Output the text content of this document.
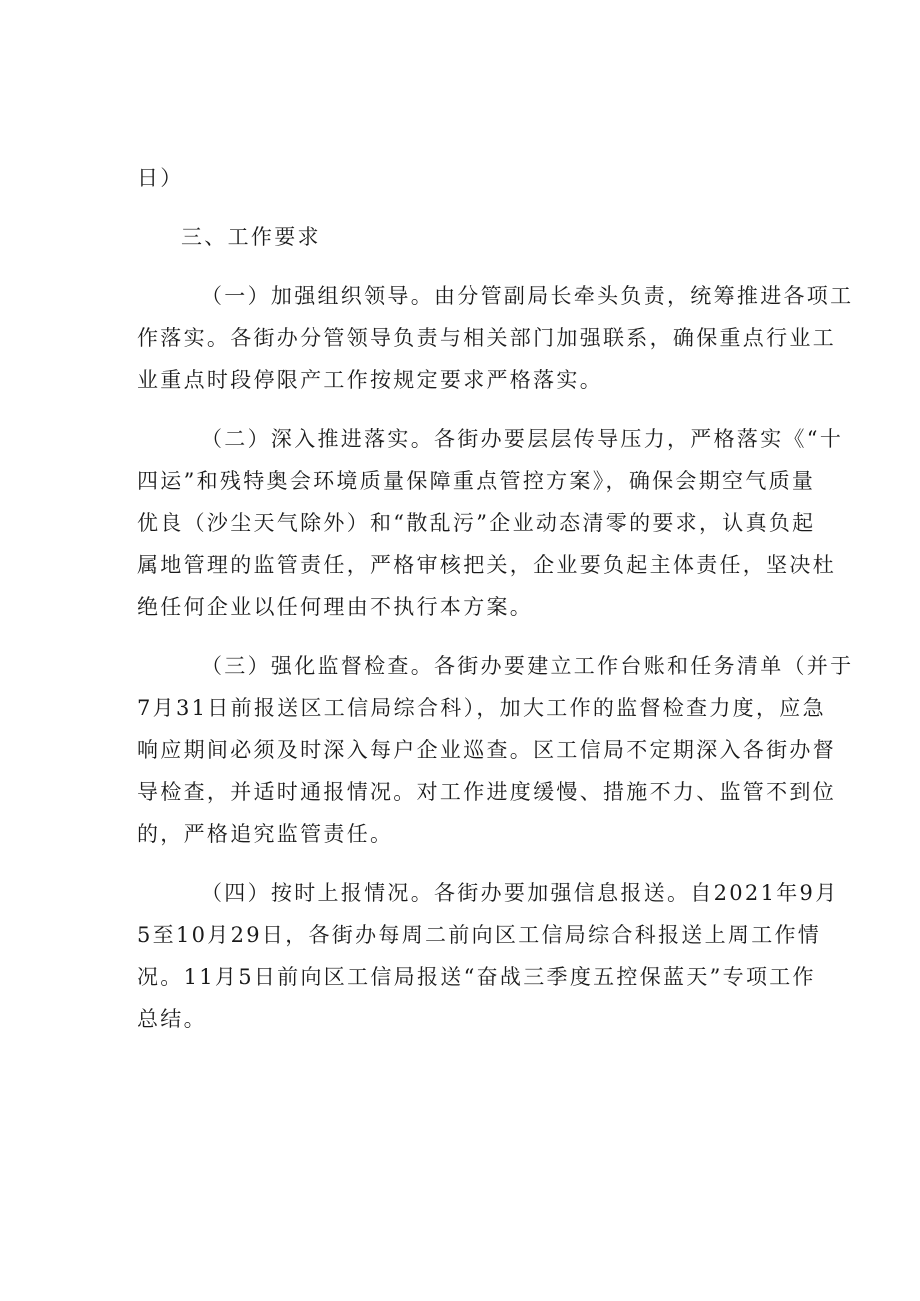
日）
三、工作要求
（一）加强组织领导。由分管副局长牵头负责，统筹推进各项工
作落实。各街办分管领导负责与相关部门加强联系，确保重点行业工
业重点时段停限产工作按规定要求严格落实。
（二）深入推进落实。各街办要层层传导压力，严格落实《“十
四运”和残特奥会环境质量保障重点管控方案》，确保会期空气质量
优良（沙尘天气除外）和“散乱污”企业动态清零的要求，认真负起
属地管理的监管责任，严格审核把关，企业要负起主体责任，坚决杜
绝任何企业以任何理由不执行本方案。
（三）强化监督检查。各街办要建立工作台账和任务清单（并于
7月31日前报送区工信局综合科），加大工作的监督检查力度，应急
响应期间必须及时深入每户企业巡查。区工信局不定期深入各街办督
导检查，并适时通报情况。对工作进度缓慢、措施不力、监管不到位
的，严格追究监管责任。
（四）按时上报情况。各街办要加强信息报送。自2021年9月
5至10月29日，各街办每周二前向区工信局综合科报送上周工作情
况。11月5日前向区工信局报送“奋战三季度五控保蓝天”专项工作
总结。
